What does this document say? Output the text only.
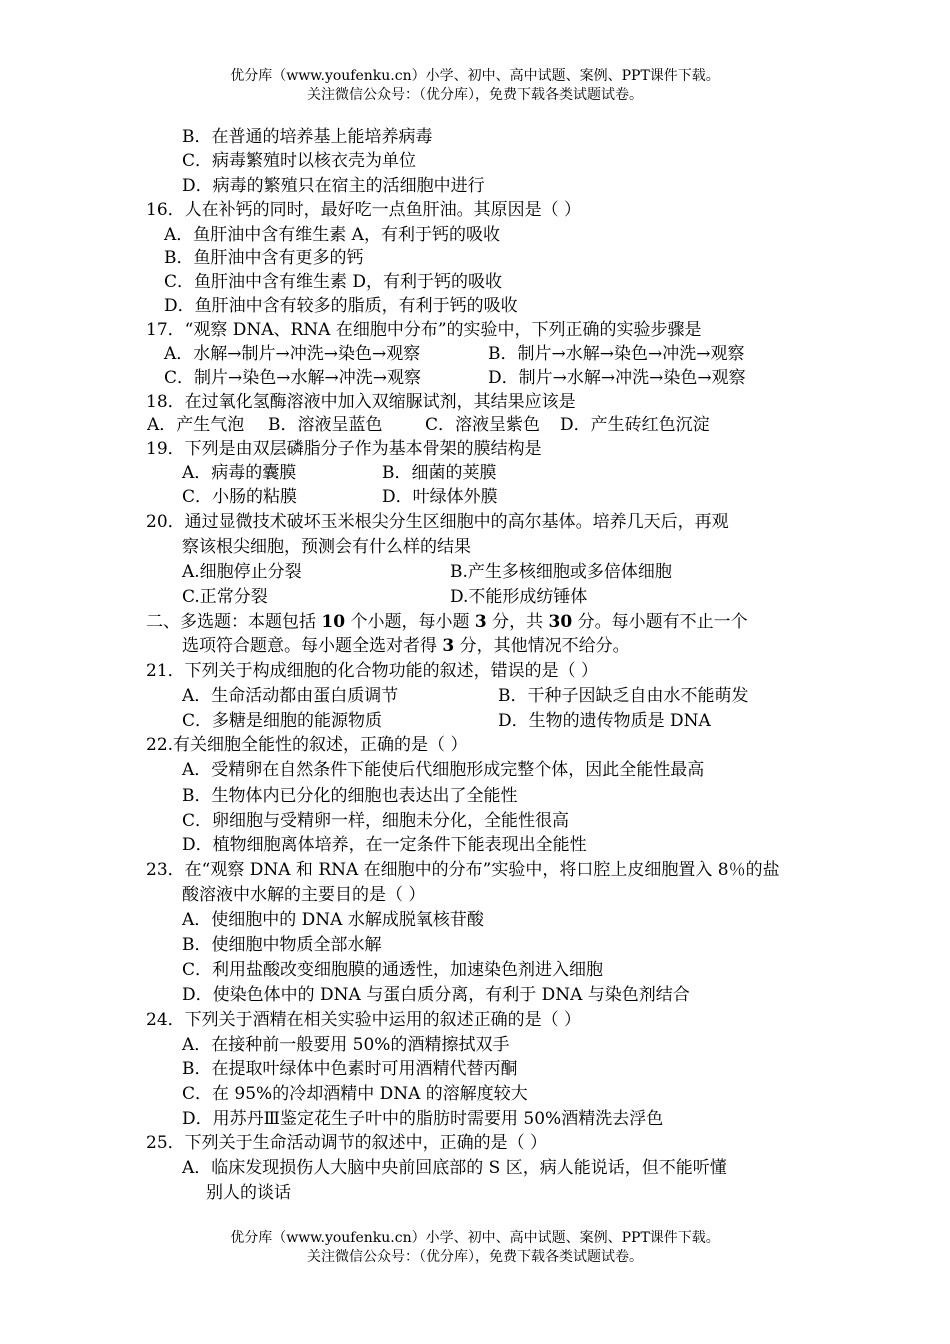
优分库（www.youfenku.cn）小学、初中、高中试题、案例、PPT课件下载。
关注微信公众号：（优分库），免费下载各类试题试卷。
B．在普通的培养基上能培养病毒
C．病毒繁殖时以核衣壳为单位
D．病毒的繁殖只在宿主的活细胞中进行
16．人在补钙的同时，最好吃一点鱼肝油。其原因是（ ）
A．鱼肝油中含有维生素 A，有利于钙的吸收
B．鱼肝油中含有更多的钙
C．鱼肝油中含有维生素 D，有利于钙的吸收
D．鱼肝油中含有较多的脂质，有利于钙的吸收
17．“观察 DNA、RNA 在细胞中分布”的实验中，下列正确的实验步骤是
A．水解→制片→冲洗→染色→观察	B．制片→水解→染色→冲洗→观察
C．制片→染色→水解→冲洗→观察	D．制片→水解→冲洗→染色→观察
18．在过氧化氢酶溶液中加入双缩脲试剂，其结果应该是
A．产生气泡 B．溶液呈蓝色	C．溶液呈紫色 D．产生砖红色沉淀
19．下列是由双层磷脂分子作为基本骨架的膜结构是
A．病毒的囊膜	B．细菌的荚膜
C．小肠的粘膜	D．叶绿体外膜
20．通过显微技术破坏玉米根尖分生区细胞中的高尔基体。培养几天后，再观
察该根尖细胞，预测会有什么样的结果
A.细胞停止分裂	B.产生多核细胞或多倍体细胞
C.正常分裂	D.不能形成纺锤体
二、多选题：本题包括 10 个小题，每小题 3 分，共 30 分。每小题有不止一个
选项符合题意。每小题全选对者得 3 分，其他情况不给分。
21．下列关于构成细胞的化合物功能的叙述，错误的是（ ）
A．生命活动都由蛋白质调节	B．干种子因缺乏自由水不能萌发
C．多糖是细胞的能源物质	D．生物的遗传物质是 DNA
22.有关细胞全能性的叙述，正确的是（ ）
A．受精卵在自然条件下能使后代细胞形成完整个体，因此全能性最高
B．生物体内已分化的细胞也表达出了全能性
C．卵细胞与受精卵一样，细胞未分化，全能性很高
D．植物细胞离体培养，在一定条件下能表现出全能性
23．在“观察 DNA 和 RNA 在细胞中的分布”实验中，将口腔上皮细胞置入 8％的盐
酸溶液中水解的主要目的是（ ）
A．使细胞中的 DNA 水解成脱氧核苷酸
B．使细胞中物质全部水解
C．利用盐酸改变细胞膜的通透性，加速染色剂进入细胞
D．使染色体中的 DNA 与蛋白质分离，有利于 DNA 与染色剂结合
24．下列关于酒精在相关实验中运用的叙述正确的是（ ）
A．在接种前一般要用 50%的酒精擦拭双手
B．在提取叶绿体中色素时可用酒精代替丙酮
C．在 95%的冷却酒精中 DNA 的溶解度较大
D．用苏丹Ⅲ鉴定花生子叶中的脂肪时需要用 50%酒精洗去浮色
25．下列关于生命活动调节的叙述中，正确的是（ ）
A．临床发现损伤人大脑中央前回底部的 S 区，病人能说话，但不能听懂
别人的谈话
优分库（www.youfenku.cn）小学、初中、高中试题、案例、PPT课件下载。
关注微信公众号：（优分库），免费下载各类试题试卷。
